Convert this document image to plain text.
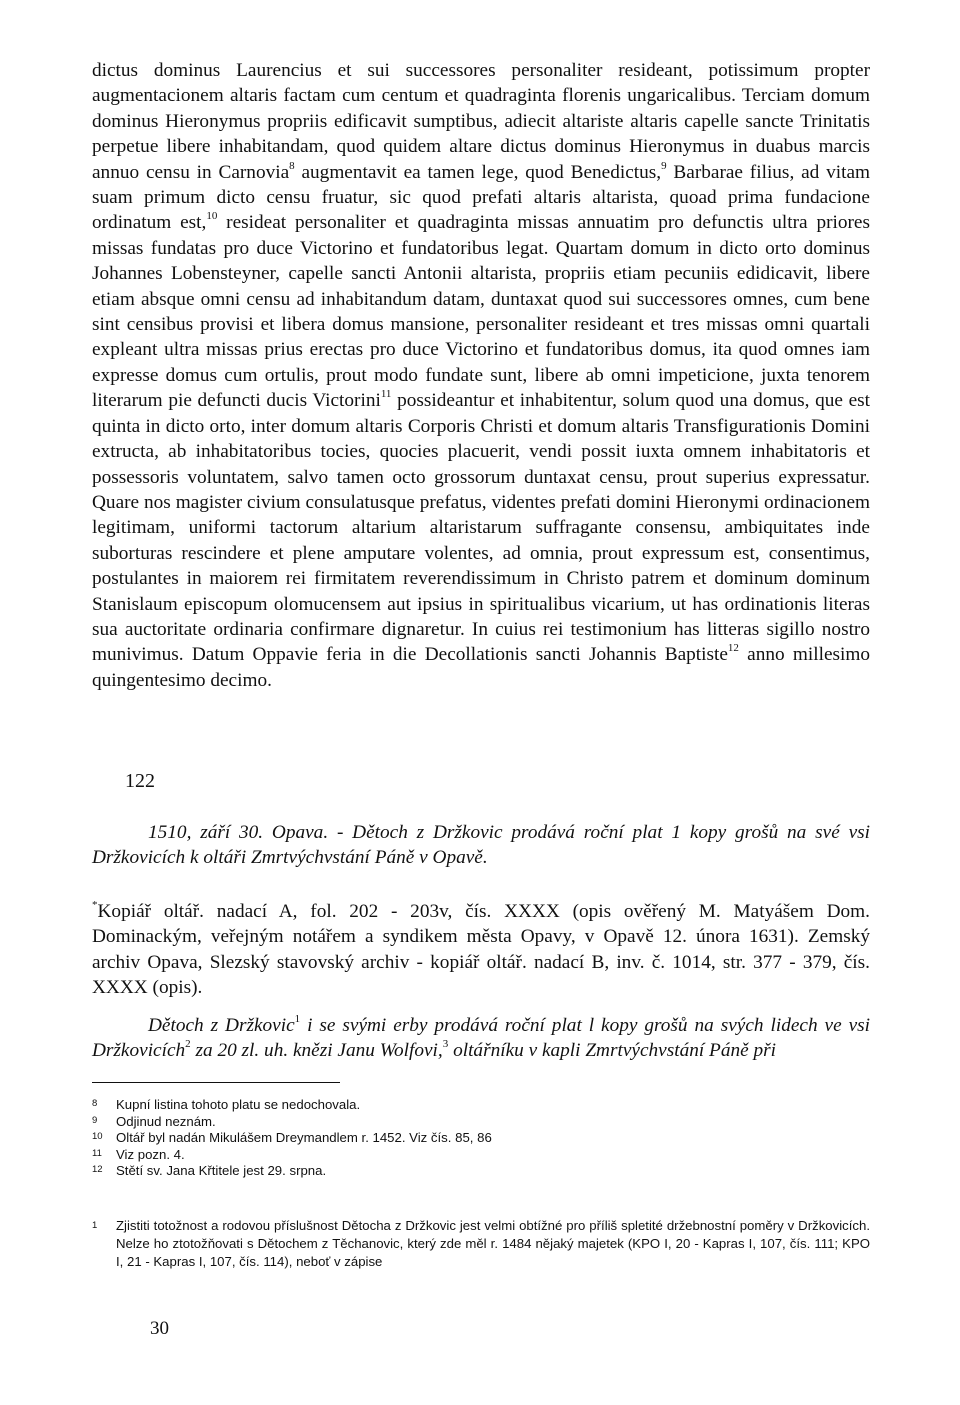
dictus dominus Laurencius et sui successores personaliter resideant, potissimum propter augmentacionem altaris factam cum centum et quadraginta florenis ungaricalibus. Terciam domum dominus Hieronymus propriis edificavit sumptibus, adiecit altariste altaris capelle sancte Trinitatis perpetue libere inhabitandam, quod quidem altare dictus dominus Hieronymus in duabus marcis annuo censu in Carnovia$^8$ augmentavit ea tamen lege, quod Benedictus,$^9$ Barbarae filius, ad vitam suam primum dicto censu fruatur, sic quod prefati altaris altarista, quoad prima fundacione ordinatum est,$^{10}$ resideat personaliter et quadraginta missas annuatim pro defunctis ultra priores missas fundatas pro duce Victorino et fundatoribus legat. Quartam domum in dicto orto dominus Johannes Lobensteyner, capelle sancti Antonii altarista, propriis etiam pecuniis edidicavit, libere etiam absque omni censu ad inhabitandum datam, duntaxat quod sui successores omnes, cum bene sint censibus provisi et libera domus mansione, personaliter resideant et tres missas omni quartali expleant ultra missas prius erectas pro duce Victorino et fundatoribus domus, ita quod omnes iam expresse domus cum ortulis, prout modo fundate sunt, libere ab omni impeticione, juxta tenorem literarum pie defuncti ducis Victorini$^{11}$ possideantur et inhabitentur, solum quod una domus, que est quinta in dicto orto, inter domum altaris Corporis Christi et domum altaris Transfigurationis Domini extructa, ab inhabitatoribus tocies, quocies placuerit, vendi possit iuxta omnem inhabitatoris et possessoris voluntatem, salvo tamen octo grossorum duntaxat censu, prout superius expressatur. Quare nos magister civium consulatusque prefatus, videntes prefati domini Hieronymi ordinacionem legitimam, uniformi tactorum altarium altaristarum suffragante consensu, ambiquitates inde suborturas rescindere et plene amputare volentes, ad omnia, prout expressum est, consentimus, postulantes in maiorem rei firmitatem reverendissimum in Christo patrem et dominum dominum Stanislaum episcopum olomucensem aut ipsius in spiritualibus vicarium, ut has ordinationis literas sua auctoritate ordinaria confirmare dignaretur. In cuius rei testimonium has litteras sigillo nostro munivimus. Datum Oppavie feria in die Decollationis sancti Johannis Baptiste$^{12}$ anno millesimo quingentesimo decimo.

122
1510, září 30. Opava. - Dětoch z Držkovic prodává roční plat 1 kopy grošů na své vsi Držkovicích k oltáři Zmrtvýchvstání Páně v Opavě.
*Kopiář oltář. nadací A, fol. 202 - 203v, čís. XXXX (opis ověřený M. Matyášem Dom. Dominackým, veřejným notářem a syndikem města Opavy, v Opavě 12. února 1631). Zemský archiv Opava, Slezský stavovský archiv - kopiář oltář. nadací B, inv. č. 1014, str. 377 - 379, čís. XXXX (opis).
Dětoch z Držkovic$^1$ i se svými erby prodává roční plat l kopy grošů na svých lidech ve vsi Držkovicích$^2$ za 20 zl. uh. knězi Janu Wolfovi,$^3$ oltářníku v kapli Zmrtvýchvstání Páně při
8	Kupní listina tohoto platu se nedochovala.
9	Odjinud neznám.
10	Oltář byl nadán Mikulášem Dreymandlem r. 1452. Viz čís. 85, 86
11	Viz pozn. 4.
12	Stětí sv. Jana Křtitele jest 29. srpna.
1	Zjistiti totožnost a rodovou příslušnost Dětocha z Držkovic jest velmi obtížné pro příliš spletité držebnostní poměry v Držkovicích. Nelze ho ztotožňovati s Dětochem z Těchanovic, který zde měl r. 1484 nějaký majetek (KPO I, 20 - Kapras I, 107, čís. 111; KPO I, 21 - Kapras I, 107, čís. 114), neboť v zápise
30
